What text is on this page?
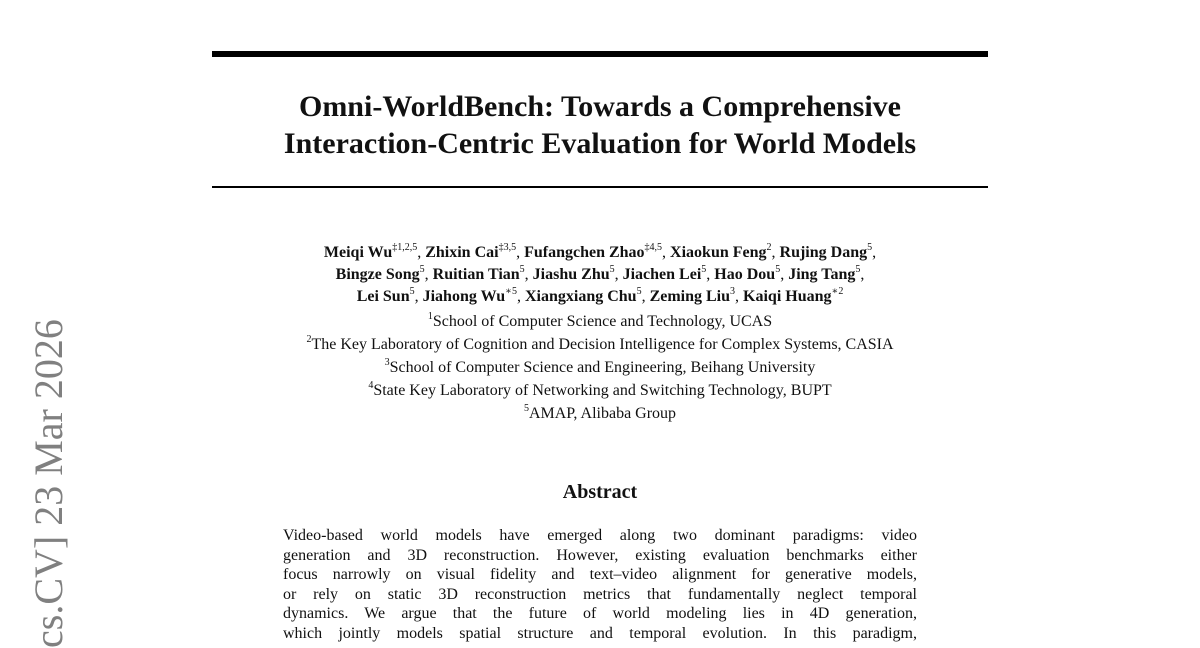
Omni-WorldBench: Towards a Comprehensive
Interaction-Centric Evaluation for World Models
Meiqi Wu$^{\ddagger 1,2,5}$, Zhixin Cai$^{\ddagger 3,5}$, Fufangchen Zhao$^{\ddagger 4,5}$, Xiaokun Feng$^2$, Rujing Dang$^5$,
Bingze Song$^5$, Ruitian Tian$^5$, Jiashu Zhu$^5$, Jiachen Lei$^5$, Hao Dou$^5$, Jing Tang$^5$,
Lei Sun$^5$, Jiahong $Wu^{∗5}$, Xiangxiang Chu$^5$, Zeming Liu$^3$, Kaiqi Huang$^{∗2}$
$^1$School of Computer Science and Technology, UCAS
$^2$The Key Laboratory of Cognition and Decision Intelligence for Complex Systems, CASIA
$^3$School of Computer Science and Engineering, Beihang University
$^4$State Key Laboratory of Networking and Switching Technology, BUPT
$^5$AMAP, Alibaba Group
Abstract
Video-based world models have emerged along two dominant paradigms: video
generation and 3D reconstruction. However, existing evaluation benchmarks either
focus narrowly on visual fidelity and text–video alignment for generative models,
or rely on static 3D reconstruction metrics that fundamentally neglect temporal
dynamics. We argue that the future of world modeling lies in 4D generation,
which jointly models spatial structure and temporal evolution. In this paradigm,
cs.CV] 23 Mar 2026
